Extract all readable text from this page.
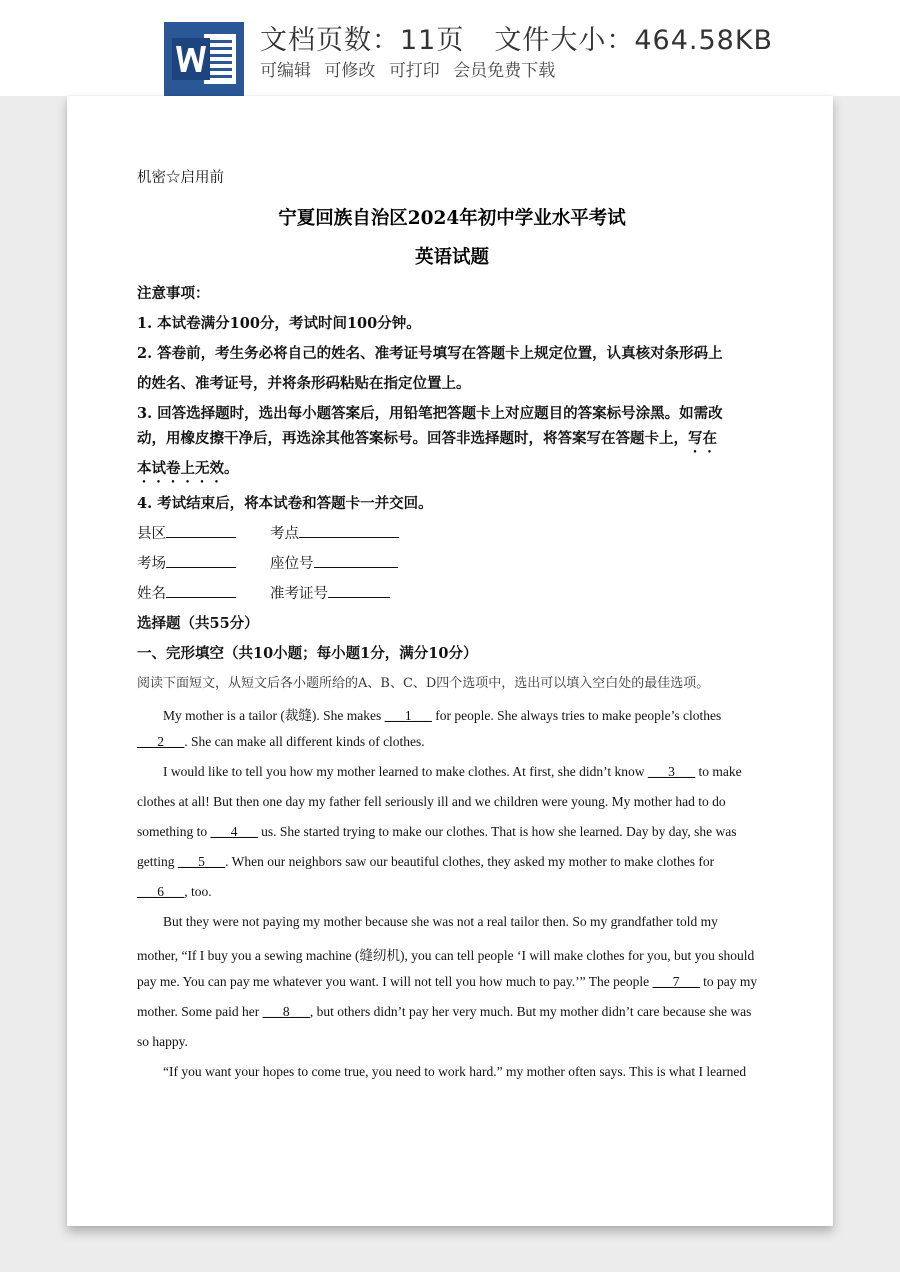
文档页数：11页 文件大小：464.58KB
可编辑 可修改 可打印 会员免费下载
机密☆启用前
宁夏回族自治区2024年初中学业水平考试
英语试题
注意事项：
1. 本试卷满分100分，考试时间100分钟。
2. 答卷前，考生务必将自己的姓名、准考证号填写在答题卡上规定位置，认真核对条形码上
的姓名、准考证号，并将条形码粘贴在指定位置上。
3. 回答选择题时，选出每小题答案后，用铅笔把答题卡上对应题目的答案标号涂黑。如需改
动，用橡皮擦干净后，再选涂其他答案标号。回答非选择题时，将答案写在答题卡上，写在
本试卷上无效。
4. 考试结束后，将本试卷和答题卡一并交回。
县区	考点
考场	座位号
姓名	准考证号
选择题（共55分）
一、完形填空（共10小题；每小题1分，满分10分）
阅读下面短文，从短文后各小题所给的A、B、C、D四个选项中，选出可以填入空白处的最佳选项。
My mother is a tailor (裁缝). She makes ___1___ for people. She always tries to make people’s clothes
___2___. She can make all different kinds of clothes.
I would like to tell you how my mother learned to make clothes. At first, she didn’t know ___3___ to make
clothes at all! But then one day my father fell seriously ill and we children were young. My mother had to do
something to ___4___ us. She started trying to make our clothes. That is how she learned. Day by day, she was
getting ___5___. When our neighbors saw our beautiful clothes, they asked my mother to make clothes for
___6___, too.
But they were not paying my mother because she was not a real tailor then. So my grandfather told my
mother, “If I buy you a sewing machine (缝纫机), you can tell people ‘I will make clothes for you, but you should
pay me. You can pay me whatever you want. I will not tell you how much to pay.’” The people ___7___ to pay my
mother. Some paid her ___8___, but others didn’t pay her very much. But my mother didn’t care because she was
so happy.
“If you want your hopes to come true, you need to work hard.” my mother often says. This is what I learned
